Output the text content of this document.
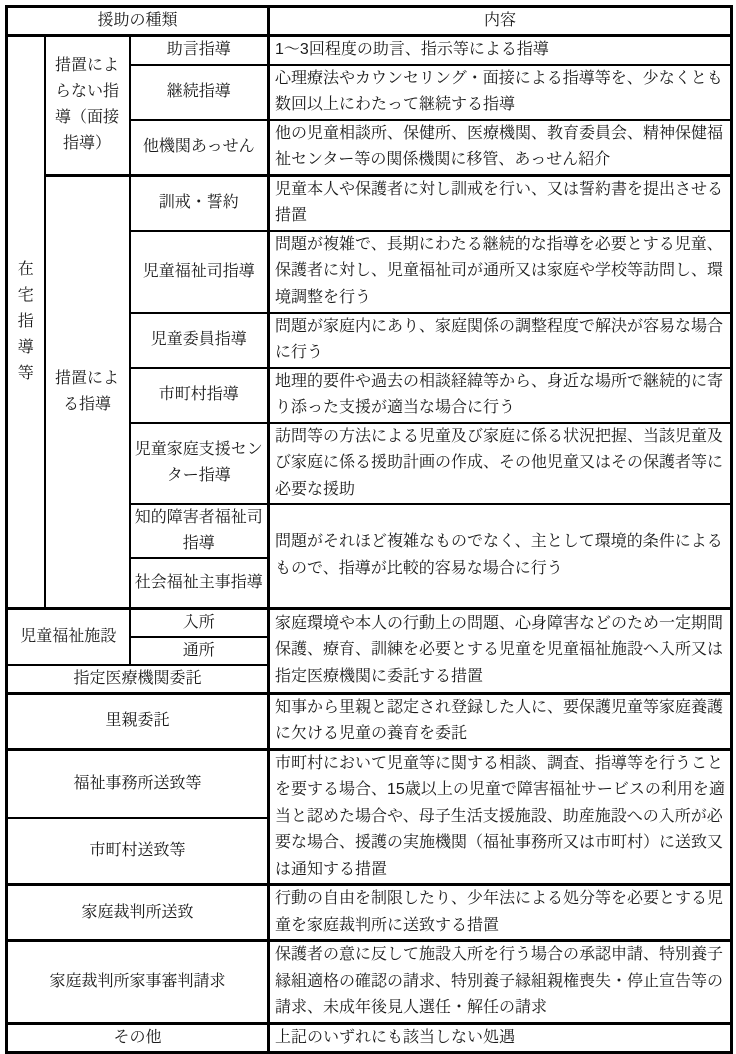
援助の種類			内容
在宅指導等	措置によらない指導（面接指導）	助言指導	1～3回程度の助言、指示等による指導
		継続指導	心理療法やカウンセリング・面接による指導等を、少なくとも数回以上にわたって継続する指導
		他機関あっせん	他の児童相談所、保健所、医療機関、教育委員会、精神保健福祉センター等の関係機関に移管、あっせん紹介
	措置による指導	訓戒・誓約	児童本人や保護者に対し訓戒を行い、又は誓約書を提出させる措置
		児童福祉司指導	問題が複雑で、長期にわたる継続的な指導を必要とする児童、保護者に対し、児童福祉司が通所又は家庭や学校等訪問し、環境調整を行う
		児童委員指導	問題が家庭内にあり、家庭関係の調整程度で解決が容易な場合に行う
		市町村指導	地理的要件や過去の相談経緯等から、身近な場所で継続的に寄り添った支援が適当な場合に行う
		児童家庭支援センター指導	訪問等の方法による児童及び家庭に係る状況把握、当該児童及び家庭に係る援助計画の作成、その他児童又はその保護者等に必要な援助
		知的障害者福祉司指導	問題がそれほど複雑なものでなく、主として環境的条件によるもので、指導が比較的容易な場合に行う
		社会福祉主事指導	
児童福祉施設		入所	家庭環境や本人の行動上の問題、心身障害などのため一定期間保護、療育、訓練を必要とする児童を児童福祉施設へ入所又は指定医療機関に委託する措置
		通所	
指定医療機関委託			
里親委託			知事から里親と認定され登録した人に、要保護児童等家庭養護に欠ける児童の養育を委託
福祉事務所送致等			市町村において児童等に関する相談、調査、指導等を行うことを要する場合、15歳以上の児童で障害福祉サービスの利用を適当と認めた場合や、母子生活支援施設、助産施設への入所が必要な場合、援護の実施機関（福祉事務所又は市町村）に送致又は通知する措置
市町村送致等			
家庭裁判所送致			行動の自由を制限したり、少年法による処分等を必要とする児童を家庭裁判所に送致する措置
家庭裁判所家事審判請求			保護者の意に反して施設入所を行う場合の承認申請、特別養子縁組適格の確認の請求、特別養子縁組親権喪失・停止宣告等の請求、未成年後見人選任・解任の請求
その他			上記のいずれにも該当しない処遇
